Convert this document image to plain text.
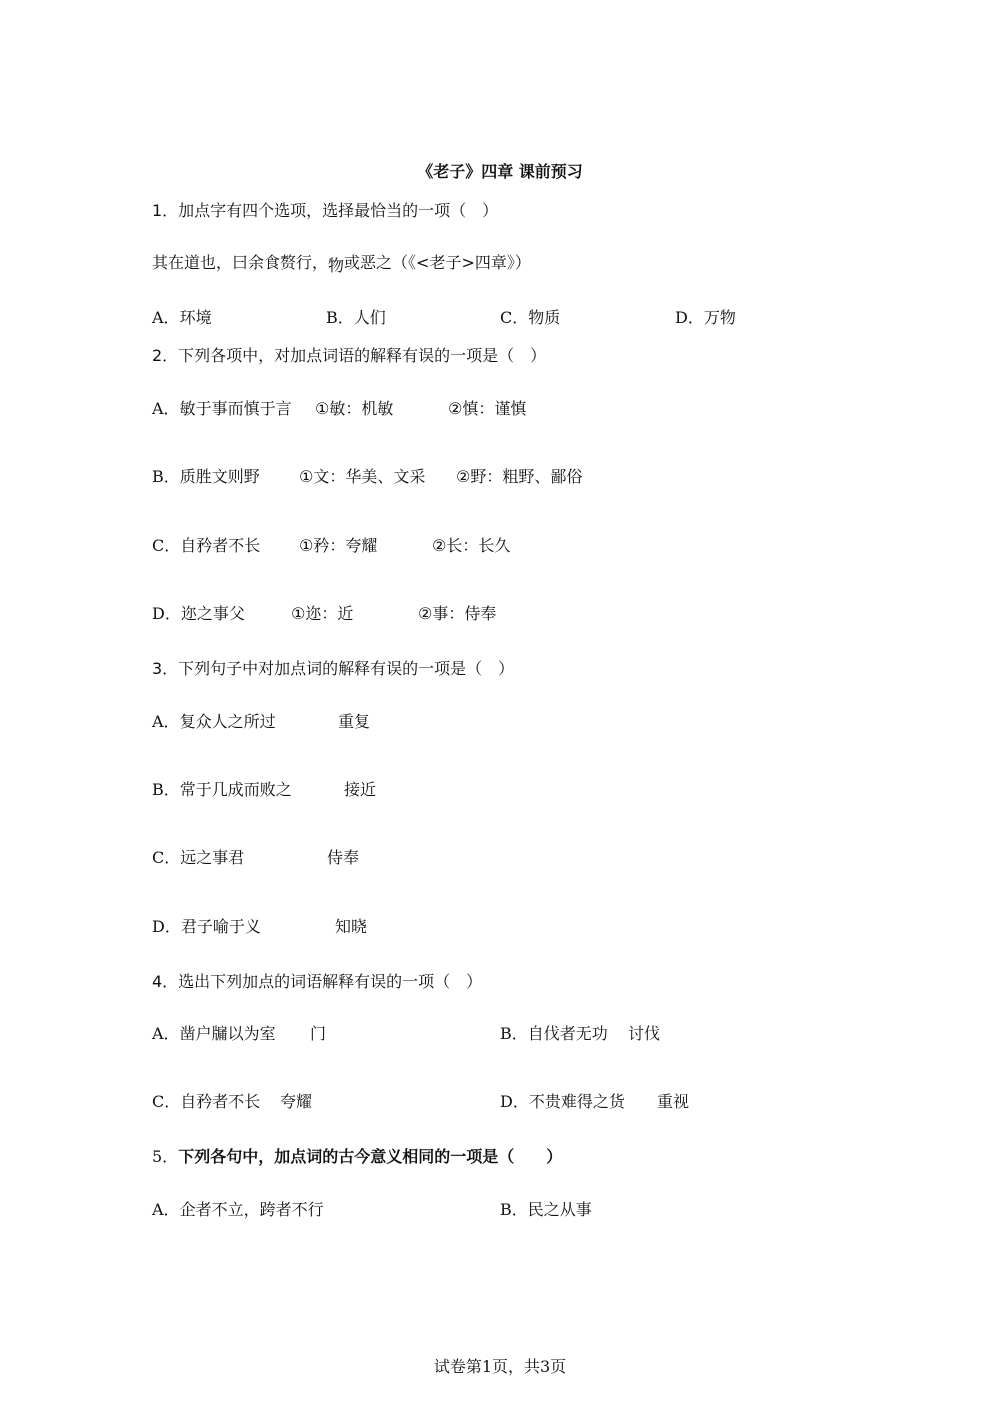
《老子》四章 课前预习
1．加点字有四个选项，选择最恰当的一项（　）
其在道也，曰余食赘行，物或恶之（《<老子>四章》）
A．环境	B．人们	C．物质	D．万物
2．下列各项中，对加点词语的解释有误的一项是（　）
A．敏于事而慎于言 ①敏：机敏	②慎：谨慎
B．质胜文则野 ①文：华美、文采 ②野：粗野、鄙俗
C．自矜者不长 ①矜：夸耀	②长：长久
D．迩之事父	①迩：近	②事：侍奉
3．下列句子中对加点词的解释有误的一项是（　）
A．复众人之所过	重复
B．常于几成而败之	接近
C．远之事君	侍奉
D．君子喻于义	知晓
4．选出下列加点的词语解释有误的一项（　）
A．凿户牖以为室 门	B．自伐者无功 讨伐
C．自矜者不长 夸耀	D．不贵难得之货 重视
5．下列各句中，加点词的古今意义相同的一项是（　　）
A．企者不立，跨者不行	B．民之从事
试卷第1页，共3页
